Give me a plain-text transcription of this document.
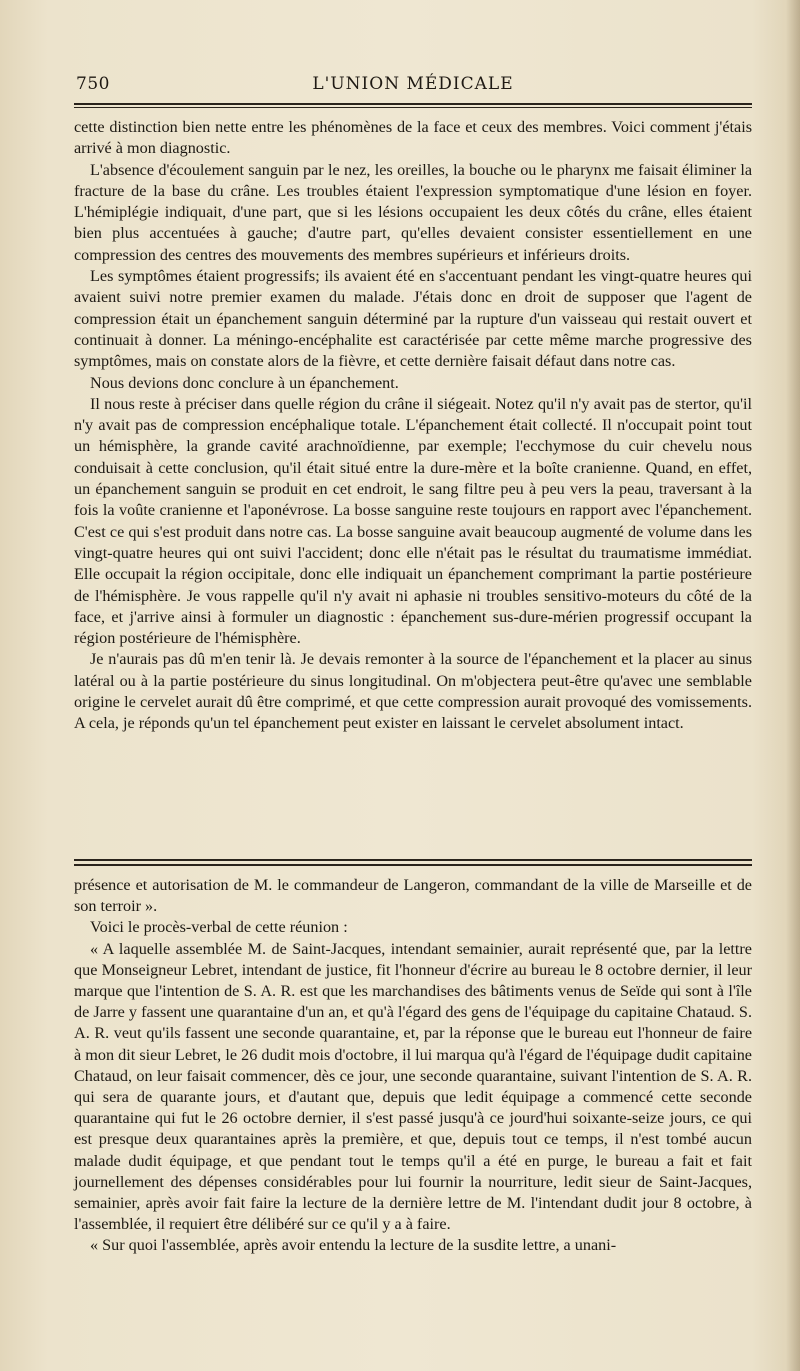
750	L'UNION MÉDICALE

cette distinction bien nette entre les phénomènes de la face et ceux des membres. Voici comment j'étais arrivé à mon diagnostic.

L'absence d'écoulement sanguin par le nez, les oreilles, la bouche ou le pharynx me faisait éliminer la fracture de la base du crâne. Les troubles étaient l'expression symptomatique d'une lésion en foyer. L'hémiplégie indiquait, d'une part, que si les lésions occupaient les deux côtés du crâne, elles étaient bien plus accentuées à gauche; d'autre part, qu'elles devaient consister essentiellement en une compression des centres des mouvements des membres supérieurs et inférieurs droits.

Les symptômes étaient progressifs; ils avaient été en s'accentuant pendant les vingt-quatre heures qui avaient suivi notre premier examen du malade. J'étais donc en droit de supposer que l'agent de compression était un épanchement sanguin déterminé par la rupture d'un vaisseau qui restait ouvert et continuait à donner. La méningo-encéphalite est caractérisée par cette même marche progressive des symptômes, mais on constate alors de la fièvre, et cette dernière faisait défaut dans notre cas.

Nous devions donc conclure à un épanchement.

Il nous reste à préciser dans quelle région du crâne il siégeait. Notez qu'il n'y avait pas de stertor, qu'il n'y avait pas de compression encéphalique totale. L'épanchement était collecté. Il n'occupait point tout un hémisphère, la grande cavité arachnoïdienne, par exemple; l'ecchymose du cuir chevelu nous conduisait à cette conclusion, qu'il était situé entre la dure-mère et la boîte cranienne. Quand, en effet, un épanchement sanguin se produit en cet endroit, le sang filtre peu à peu vers la peau, traversant à la fois la voûte cranienne et l'aponévrose. La bosse sanguine reste toujours en rapport avec l'épanchement. C'est ce qui s'est produit dans notre cas. La bosse sanguine avait beaucoup augmenté de volume dans les vingt-quatre heures qui ont suivi l'accident; donc elle n'était pas le résultat du traumatisme immédiat. Elle occupait la région occipitale, donc elle indiquait un épanchement comprimant la partie postérieure de l'hémisphère. Je vous rappelle qu'il n'y avait ni aphasie ni troubles sensitivo-moteurs du côté de la face, et j'arrive ainsi à formuler un diagnostic : épanchement sus-dure-mérien progressif occupant la région postérieure de l'hémisphère.

Je n'aurais pas dû m'en tenir là. Je devais remonter à la source de l'épanchement et la placer au sinus latéral ou à la partie postérieure du sinus longitudinal. On m'objectera peut-être qu'avec une semblable origine le cervelet aurait dû être comprimé, et que cette compression aurait provoqué des vomissements. A cela, je réponds qu'un tel épanchement peut exister en laissant le cervelet absolument intact.

présence et autorisation de M. le commandeur de Langeron, commandant de la ville de Marseille et de son terroir ».

Voici le procès-verbal de cette réunion :

« A laquelle assemblée M. de Saint-Jacques, intendant semainier, aurait représenté que, par la lettre que Monseigneur Lebret, intendant de justice, fit l'honneur d'écrire au bureau le 8 octobre dernier, il leur marque que l'intention de S. A. R. est que les marchandises des bâtiments venus de Seïde qui sont à l'île de Jarre y fassent une quarantaine d'un an, et qu'à l'égard des gens de l'équipage du capitaine Chataud. S. A. R. veut qu'ils fassent une seconde quarantaine, et, par la réponse que le bureau eut l'honneur de faire à mon dit sieur Lebret, le 26 dudit mois d'octobre, il lui marqua qu'à l'égard de l'équipage dudit capitaine Chataud, on leur faisait commencer, dès ce jour, une seconde quarantaine, suivant l'intention de S. A. R. qui sera de quarante jours, et d'autant que, depuis que ledit équipage a commencé cette seconde quarantaine qui fut le 26 octobre dernier, il s'est passé jusqu'à ce jourd'hui soixante-seize jours, ce qui est presque deux quarantaines après la première, et que, depuis tout ce temps, il n'est tombé aucun malade dudit équipage, et que pendant tout le temps qu'il a été en purge, le bureau a fait et fait journellement des dépenses considérables pour lui fournir la nourriture, ledit sieur de Saint-Jacques, semainier, après avoir fait faire la lecture de la dernière lettre de M. l'intendant dudit jour 8 octobre, à l'assemblée, il requiert être délibéré sur ce qu'il y a à faire.

« Sur quoi l'assemblée, après avoir entendu la lecture de la susdite lettre, a unani-
